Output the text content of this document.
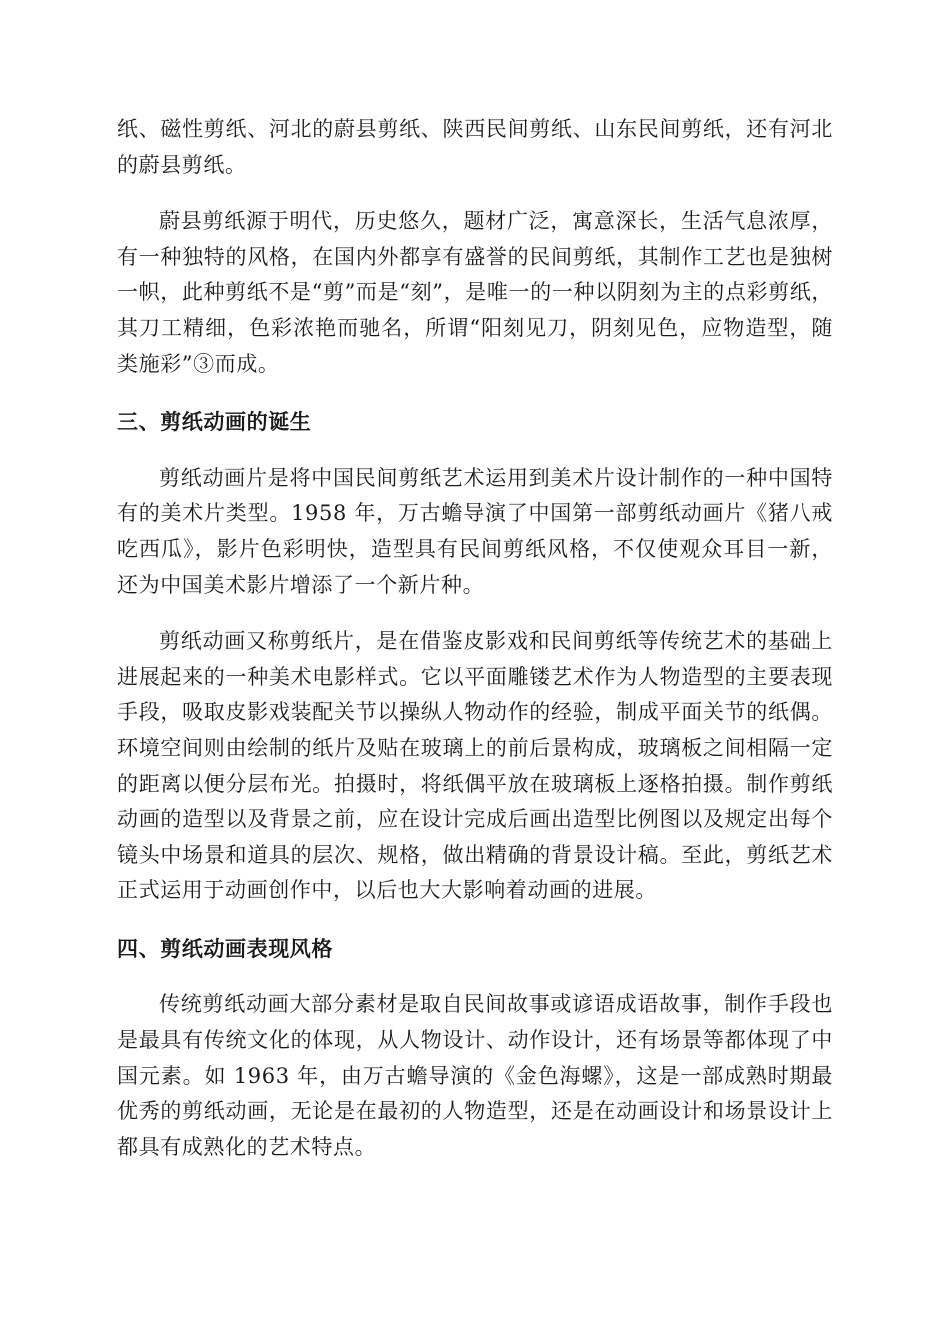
纸、磁性剪纸、河北的蔚县剪纸、陕西民间剪纸、山东民间剪纸，还有河北的蔚县剪纸。

蔚县剪纸源于明代，历史悠久，题材广泛，寓意深长，生活气息浓厚，有一种独特的风格，在国内外都享有盛誉的民间剪纸，其制作工艺也是独树一帜，此种剪纸不是“剪”而是“刻”，是唯一的一种以阴刻为主的点彩剪纸，其刀工精细，色彩浓艳而驰名，所谓“阳刻见刀，阴刻见色，应物造型，随类施彩”③而成。

三、剪纸动画的诞生

剪纸动画片是将中国民间剪纸艺术运用到美术片设计制作的一种中国特有的美术片类型。1958 年，万古蟾导演了中国第一部剪纸动画片《猪八戒吃西瓜》，影片色彩明快，造型具有民间剪纸风格，不仅使观众耳目一新，还为中国美术影片增添了一个新片种。

剪纸动画又称剪纸片，是在借鉴皮影戏和民间剪纸等传统艺术的基础上进展起来的一种美术电影样式。它以平面雕镂艺术作为人物造型的主要表现手段，吸取皮影戏装配关节以操纵人物动作的经验，制成平面关节的纸偶。环境空间则由绘制的纸片及贴在玻璃上的前后景构成，玻璃板之间相隔一定的距离以便分层布光。拍摄时，将纸偶平放在玻璃板上逐格拍摄。制作剪纸动画的造型以及背景之前，应在设计完成后画出造型比例图以及规定出每个镜头中场景和道具的层次、规格，做出精确的背景设计稿。至此，剪纸艺术正式运用于动画创作中，以后也大大影响着动画的进展。

四、剪纸动画表现风格

传统剪纸动画大部分素材是取自民间故事或谚语成语故事，制作手段也是最具有传统文化的体现，从人物设计、动作设计，还有场景等都体现了中国元素。如 1963 年，由万古蟾导演的《金色海螺》，这是一部成熟时期最优秀的剪纸动画，无论是在最初的人物造型，还是在动画设计和场景设计上都具有成熟化的艺术特点。
